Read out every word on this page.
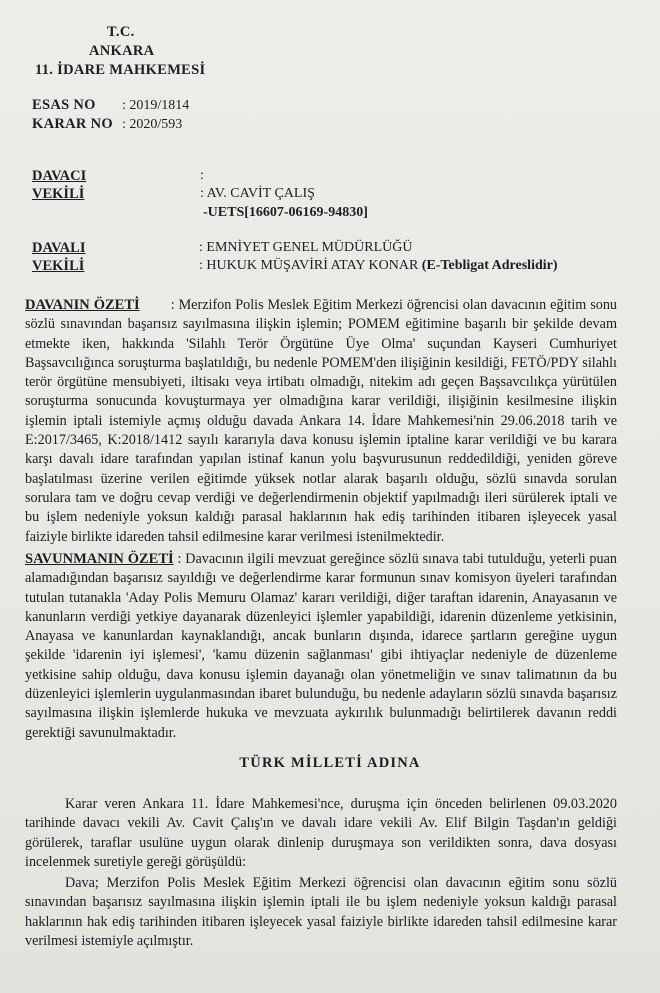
T.C.
ANKARA
11. İDARE MAHKEMESİ
ESAS NO : 2019/1814
KARAR NO : 2020/593
DAVACI	:
VEKİLİ	: AV. CAVİT ÇALIŞ
-UETS[16607-06169-94830]
DAVALI	: EMNİYET GENEL MÜDÜRLÜĞÜ
VEKİLİ	: HUKUK MÜŞAVİRİ ATAY KONAR (E-Tebligat Adreslidir)
DAVANIN ÖZETİ : Merzifon Polis Meslek Eğitim Merkezi öğrencisi olan davacının eğitim sonu sözlü sınavından başarısız sayılmasına ilişkin işlemin; POMEM eğitimine başarılı bir şekilde devam etmekte iken, hakkında 'Silahlı Terör Örgütüne Üye Olma' suçundan Kayseri Cumhuriyet Başsavcılığınca soruşturma başlatıldığı, bu nedenle POMEM'den ilişiğinin kesildiği, FETÖ/PDY silahlı terör örgütüne mensubiyeti, iltisakı veya irtibatı olmadığı, nitekim adı geçen Başsavcılıkça yürütülen soruşturma sonucunda kovuşturmaya yer olmadığına karar verildiği, ilişiğinin kesilmesine ilişkin işlemin iptali istemiyle açmış olduğu davada Ankara 14. İdare Mahkemesi'nin 29.06.2018 tarih ve E:2017/3465, K:2018/1412 sayılı kararıyla dava konusu işlemin iptaline karar verildiği ve bu karara karşı davalı idare tarafından yapılan istinaf kanun yolu başvurusunun reddedildiği, yeniden göreve başlatılması üzerine verilen eğitimde yüksek notlar alarak başarılı olduğu, sözlü sınavda sorulan sorulara tam ve doğru cevap verdiği ve değerlendirmenin objektif yapılmadığı ileri sürülerek iptali ve bu işlem nedeniyle yoksun kaldığı parasal haklarının hak ediş tarihinden itibaren işleyecek yasal faiziyle birlikte idareden tahsil edilmesine karar verilmesi istenilmektedir.
SAVUNMANIN ÖZETİ : Davacının ilgili mevzuat gereğince sözlü sınava tabi tutulduğu, yeterli puan alamadığından başarısız sayıldığı ve değerlendirme karar formunun sınav komisyon üyeleri tarafından tutulan tutanakla 'Aday Polis Memuru Olamaz' kararı verildiği, diğer taraftan idarenin, Anayasanın ve kanunların verdiği yetkiye dayanarak düzenleyici işlemler yapabildiği, idarenin düzenleme yetkisinin, Anayasa ve kanunlardan kaynaklandığı, ancak bunların dışında, idarece şartların gereğine uygun şekilde 'idarenin iyi işlemesi', 'kamu düzenin sağlanması' gibi ihtiyaçlar nedeniyle de düzenleme yetkisine sahip olduğu, dava konusu işlemin dayanağı olan yönetmeliğin ve sınav talimatının da bu düzenleyici işlemlerin uygulanmasından ibaret bulunduğu, bu nedenle adayların sözlü sınavda başarısız sayılmasına ilişkin işlemlerde hukuka ve mevzuata aykırılık bulunmadığı belirtilerek davanın reddi gerektiği savunulmaktadır.
TÜRK MİLLETİ ADINA
Karar veren Ankara 11. İdare Mahkemesi'nce, duruşma için önceden belirlenen 09.03.2020 tarihinde davacı vekili Av. Cavit Çalış'ın ve davalı idare vekili Av. Elif Bilgin Taşdan'ın geldiği görülerek, taraflar usulüne uygun olarak dinlenip duruşmaya son verildikten sonra, dava dosyası incelenmek suretiyle gereği görüşüldü:
Dava; Merzifon Polis Meslek Eğitim Merkezi öğrencisi olan davacının eğitim sonu sözlü sınavından başarısız sayılmasına ilişkin işlemin iptali ile bu işlem nedeniyle yoksun kaldığı parasal haklarının hak ediş tarihinden itibaren işleyecek yasal faiziyle birlikte idareden tahsil edilmesine karar verilmesi istemiyle açılmıştır.
